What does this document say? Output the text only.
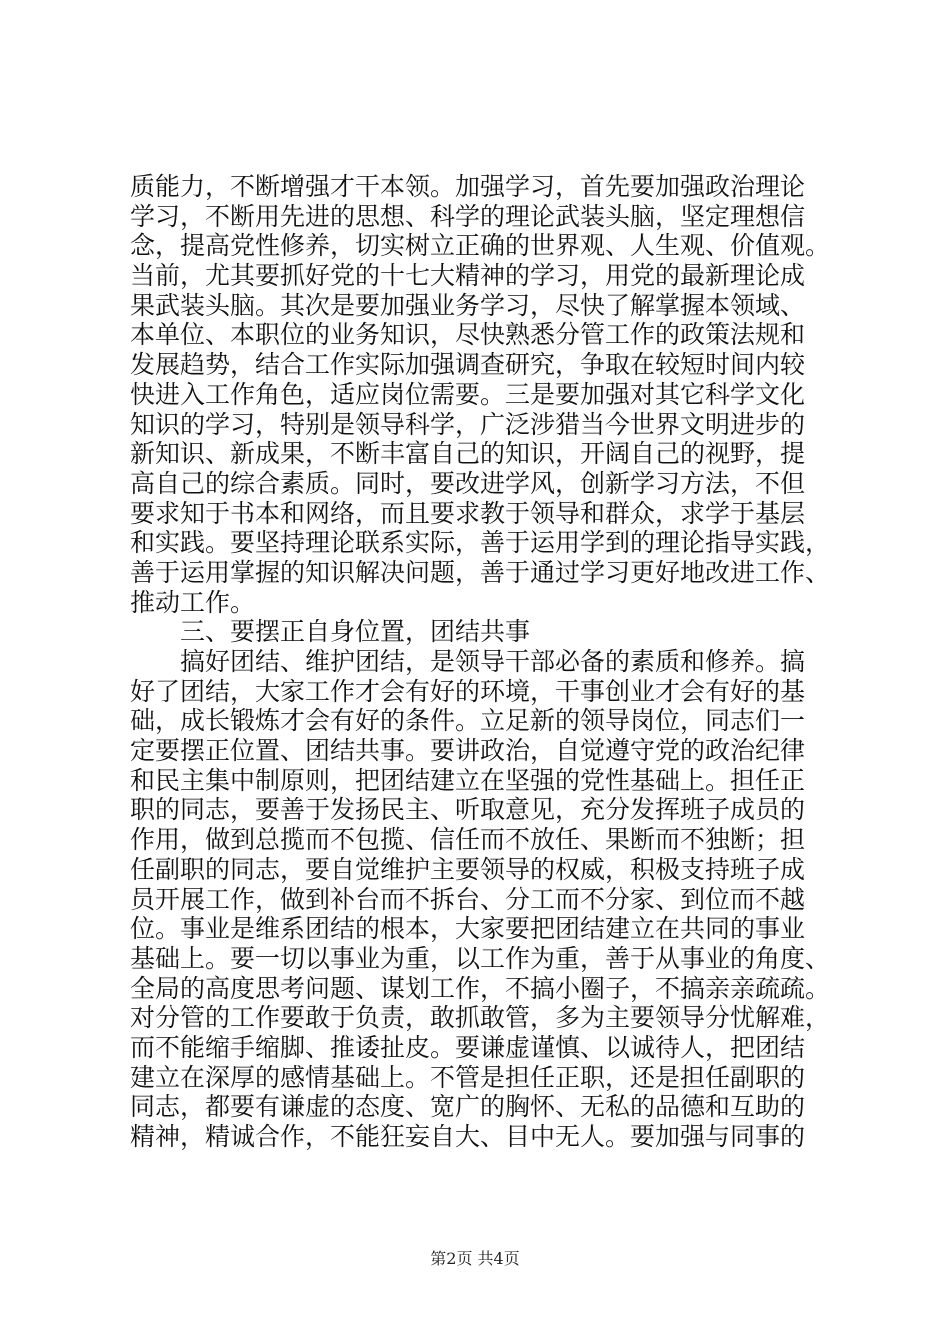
质能力，不断增强才干本领。加强学习，首先要加强政治理论
学习，不断用先进的思想、科学的理论武装头脑，坚定理想信
念，提高党性修养，切实树立正确的世界观、人生观、价值观。
当前，尤其要抓好党的十七大精神的学习，用党的最新理论成
果武装头脑。其次是要加强业务学习，尽快了解掌握本领域、
本单位、本职位的业务知识，尽快熟悉分管工作的政策法规和
发展趋势，结合工作实际加强调查研究，争取在较短时间内较
快进入工作角色，适应岗位需要。三是要加强对其它科学文化
知识的学习，特别是领导科学，广泛涉猎当今世界文明进步的
新知识、新成果，不断丰富自己的知识，开阔自己的视野，提
高自己的综合素质。同时，要改进学风，创新学习方法，不但
要求知于书本和网络，而且要求教于领导和群众，求学于基层
和实践。要坚持理论联系实际，善于运用学到的理论指导实践，
善于运用掌握的知识解决问题，善于通过学习更好地改进工作、
推动工作。
　　三、要摆正自身位置，团结共事
　　搞好团结、维护团结，是领导干部必备的素质和修养。搞
好了团结，大家工作才会有好的环境，干事创业才会有好的基
础，成长锻炼才会有好的条件。立足新的领导岗位，同志们一
定要摆正位置、团结共事。要讲政治，自觉遵守党的政治纪律
和民主集中制原则，把团结建立在坚强的党性基础上。担任正
职的同志，要善于发扬民主、听取意见，充分发挥班子成员的
作用，做到总揽而不包揽、信任而不放任、果断而不独断；担
任副职的同志，要自觉维护主要领导的权威，积极支持班子成
员开展工作，做到补台而不拆台、分工而不分家、到位而不越
位。事业是维系团结的根本，大家要把团结建立在共同的事业
基础上。要一切以事业为重，以工作为重，善于从事业的角度、
全局的高度思考问题、谋划工作，不搞小圈子，不搞亲亲疏疏。
对分管的工作要敢于负责，敢抓敢管，多为主要领导分忧解难，
而不能缩手缩脚、推诿扯皮。要谦虚谨慎、以诚待人，把团结
建立在深厚的感情基础上。不管是担任正职，还是担任副职的
同志，都要有谦虚的态度、宽广的胸怀、无私的品德和互助的
精神，精诚合作，不能狂妄自大、目中无人。要加强与同事的
第2页 共4页
